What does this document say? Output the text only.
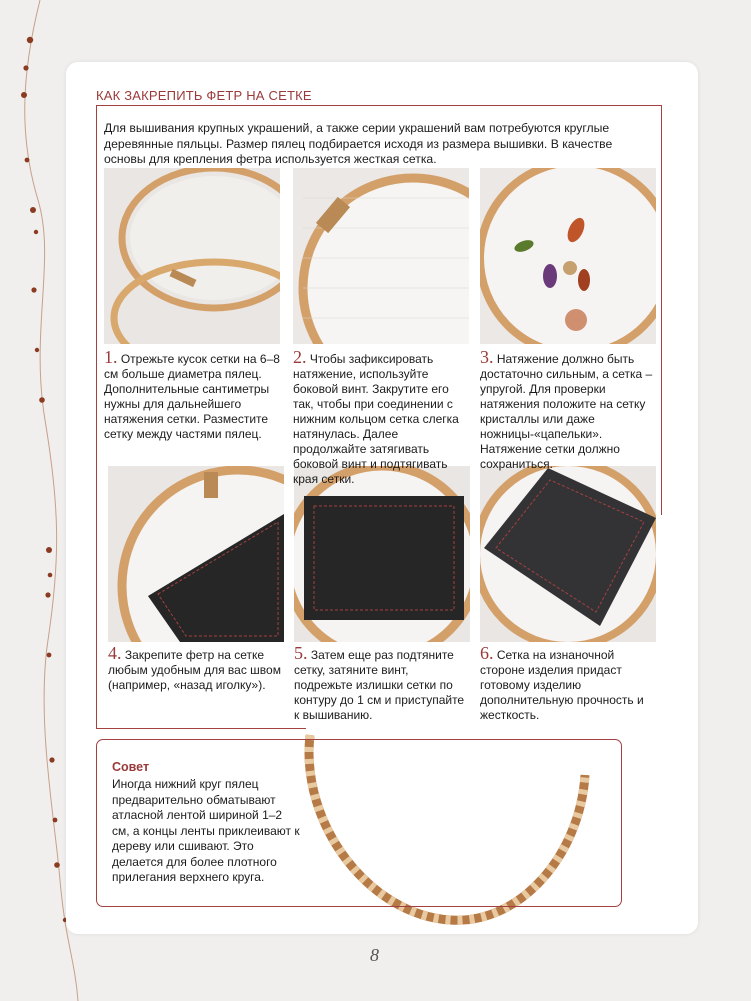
КАК ЗАКРЕПИТЬ ФЕТР НА СЕТКЕ
Для вышивания крупных украшений, а также серии украшений вам потребуются круглые деревянные пяльцы. Размер пялец подбирается исходя из размера вышивки. В качестве основы для крепления фетра используется жесткая сетка.
1. Отрежьте кусок сетки на 6–8 см больше диаметра пялец. Дополнительные сантиметры нужны для дальнейшего натяжения сетки. Разместите сетку между частями пялец.
2. Чтобы зафиксировать натяжение, используйте боковой винт. Закрутите его так, чтобы при соединении с нижним кольцом сетка слегка натянулась. Далее продолжайте затягивать боковой винт и подтягивать края сетки.
3. Натяжение должно быть достаточно сильным, а сетка – упругой. Для проверки натяжения положите на сетку кристаллы или даже ножницы-«цапельки». Натяжение сетки должно сохраниться.
4. Закрепите фетр на сетке любым удобным для вас швом (например, «назад иголку»).
5. Затем еще раз подтяните сетку, затяните винт, подрежьте излишки сетки по контуру до 1 см и приступайте к вышиванию.
6. Сетка на изнаночной стороне изделия придаст готовому изделию дополнительную прочность и жесткость.
Совет
Иногда нижний круг пялец предварительно обматывают атласной лентой шириной 1–2 см, а концы ленты приклеивают к дереву или сшивают. Это делается для более плотного прилегания верхнего круга.
8
